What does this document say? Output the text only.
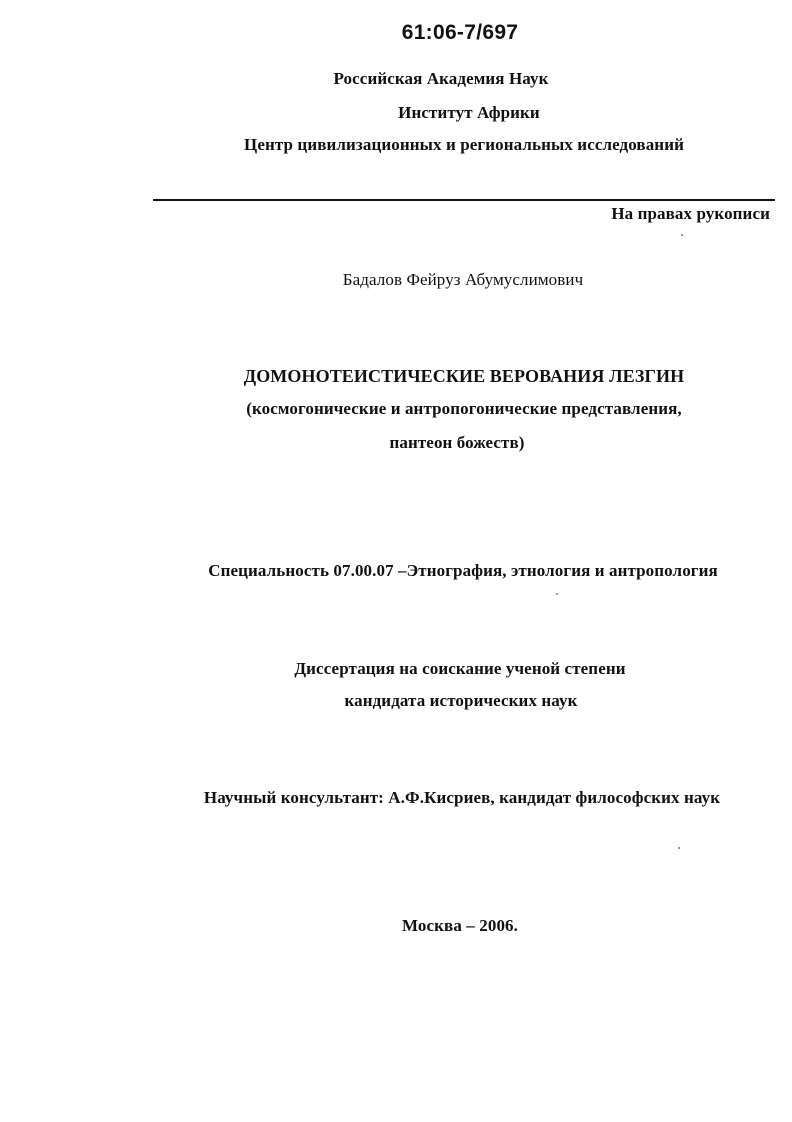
61:06-7/697
Российская Академия Наук
Институт Африки
Центр цивилизационных и региональных исследований
На правах рукописи
Бадалов Фейруз Абумуслимович
ДОМОНОТЕИСТИЧЕСКИЕ ВЕРОВАНИЯ ЛЕЗГИН
(космогонические и антропогонические представления,
пантеон божеств)
Специальность 07.00.07 –Этнография, этнология и антропология
Диссертация на соискание ученой степени
кандидата исторических наук
Научный консультант: А.Ф.Кисриев, кандидат философских наук
Москва – 2006.
